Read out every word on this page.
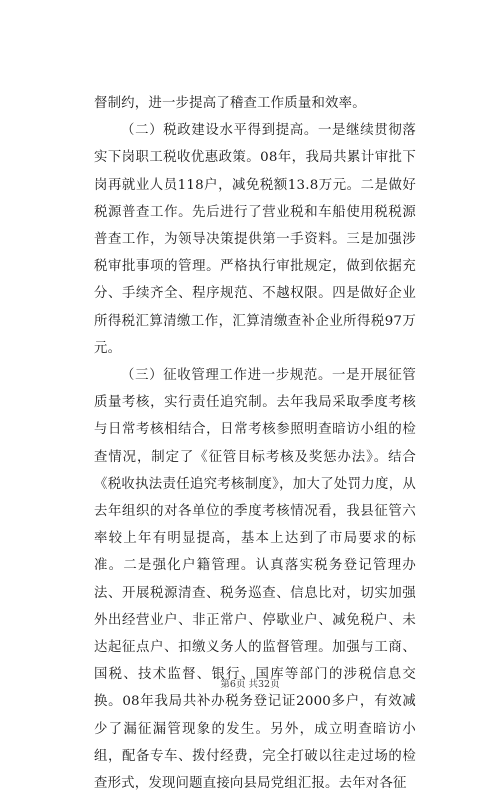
督制约，进一步提高了稽查工作质量和效率。

（二）税政建设水平得到提高。一是继续贯彻落实下岗职工税收优惠政策。08年，我局共累计审批下岗再就业人员118户，减免税额13.8万元。二是做好税源普查工作。先后进行了营业税和车船使用税税源普查工作，为领导决策提供第一手资料。三是加强涉税审批事项的管理。严格执行审批规定，做到依据充分、手续齐全、程序规范、不越权限。四是做好企业所得税汇算清缴工作，汇算清缴查补企业所得税97万元。

（三）征收管理工作进一步规范。一是开展征管质量考核，实行责任追究制。去年我局采取季度考核与日常考核相结合，日常考核参照明查暗访小组的检查情况，制定了《征管目标考核及奖惩办法》。结合《税收执法责任追究考核制度》，加大了处罚力度，从去年组织的对各单位的季度考核情况看，我县征管六率较上年有明显提高，基本上达到了市局要求的标准。二是强化户籍管理。认真落实税务登记管理办法、开展税源清查、税务巡查、信息比对，切实加强外出经营业户、非正常户、停歇业户、减免税户、未达起征点户、扣缴义务人的监督管理。加强与工商、国税、技术监督、银行、国库等部门的涉税信息交换。08年我局共补办税务登记证2000多户，有效减少了漏征漏管现象的发生。另外，成立明查暗访小组，配备专车、拨付经费，完全打破以往走过场的检查形式，发现问题直接向县局党组汇报。去年对各征

第6页 共32页
